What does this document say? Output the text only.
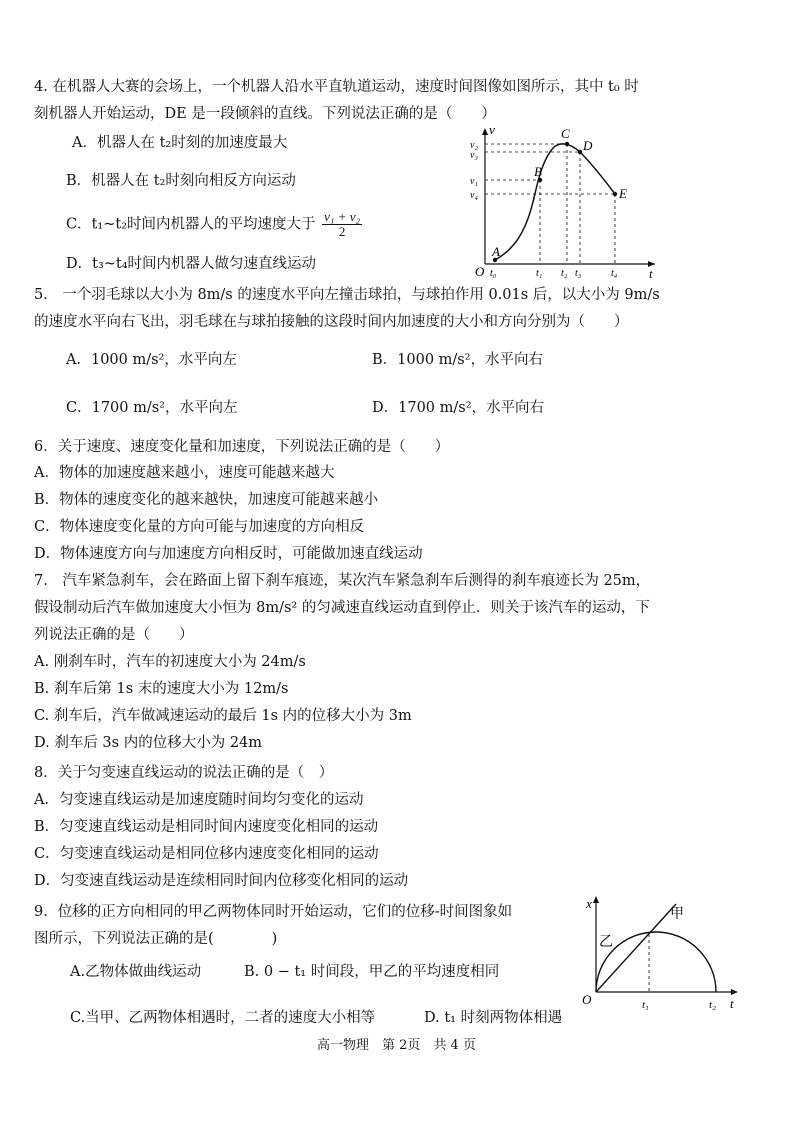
4. 在机器人大赛的会场上，一个机器人沿水平直轨道运动，速度时间图像如图所示，其中 t₀ 时
刻机器人开始运动，DE 是一段倾斜的直线。下列说法正确的是（　　）
A．机器人在 t₂时刻的加速度最大
B．机器人在 t₂时刻向相反方向运动
C．t₁~t₂时间内机器人的平均速度大于 $\frac{\text{v₁ + v₂}}{2}$
D．t₃~t₄时间内机器人做匀速直线运动
A
B
C
D
E
v
t
O
v₂
v₃
v₁
v₄
t₀	t₁ t₂ t₃	t₄
5.　一个羽毛球以大小为 8m/s 的速度水平向左撞击球拍，与球拍作用 0.01s 后，以大小为 9m/s
的速度水平向右飞出，羽毛球在与球拍接触的这段时间内加速度的大小和方向分别为（　　）
A．1000 m/s²，水平向左	B．1000 m/s²，水平向右
C．1700 m/s²，水平向左	D．1700 m/s²，水平向右
6．关于速度、速度变化量和加速度，下列说法正确的是（　　）
A．物体的加速度越来越小，速度可能越来越大
B．物体的速度变化的越来越快，加速度可能越来越小
C．物体速度变化量的方向可能与加速度的方向相反
D．物体速度方向与加速度方向相反时，可能做加速直线运动
7.　汽车紧急刹车，会在路面上留下刹车痕迹，某次汽车紧急刹车后测得的刹车痕迹长为 25m，
假设制动后汽车做加速度大小恒为 8m/s² 的匀减速直线运动直到停止．则关于该汽车的运动，下
列说法正确的是（　　）
A. 刚刹车时，汽车的初速度大小为 24m/s
B. 刹车后第 1s 末的速度大小为 12m/s
C. 刹车后，汽车做减速运动的最后 1s 内的位移大小为 3m
D. 刹车后 3s 内的位移大小为 24m
8．关于匀变速直线运动的说法正确的是（　）
A．匀变速直线运动是加速度随时间均匀变化的运动
B．匀变速直线运动是相同时间内速度变化相同的运动
C．匀变速直线运动是相同位移内速度变化相同的运动
D．匀变速直线运动是连续相同时间内位移变化相同的运动
9．位移的正方向相同的甲乙两物体同时开始运动，它们的位移-时间图象如
图所示，下列说法正确的是(　　　　)
A.乙物体做曲线运动	B. 0 − t₁ 时间段，甲乙的平均速度相同
C.当甲、乙两物体相遇时，二者的速度大小相等	D. t₁ 时刻两物体相遇
x
t
O
甲
乙
t₁	t₂
高一物理　第 2页　共 4 页
